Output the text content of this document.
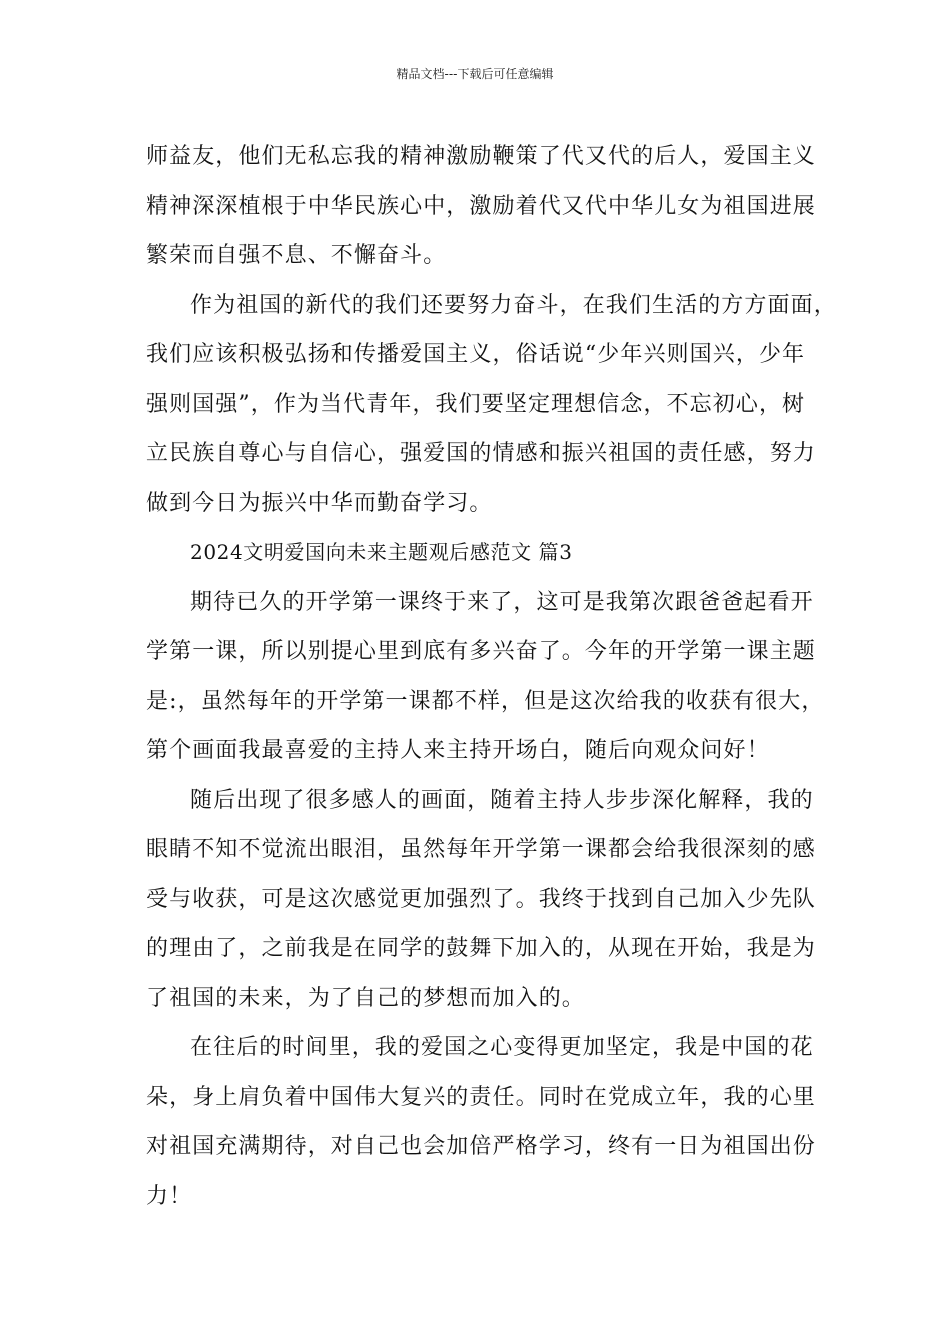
精品文档---下载后可任意编辑
师益友，他们无私忘我的精神激励鞭策了代又代的后人，爱国主义
精神深深植根于中华民族心中，激励着代又代中华儿女为祖国进展
繁荣而自强不息、不懈奋斗。
作为祖国的新代的我们还要努力奋斗，在我们生活的方方面面，
我们应该积极弘扬和传播爱国主义，俗话说“少年兴则国兴，少年
强则国强”，作为当代青年，我们要坚定理想信念，不忘初心，树
立民族自尊心与自信心，强爱国的情感和振兴祖国的责任感，努力
做到今日为振兴中华而勤奋学习。
2024文明爱国向未来主题观后感范文 篇3
期待已久的开学第一课终于来了，这可是我第次跟爸爸起看开
学第一课，所以别提心里到底有多兴奋了。今年的开学第一课主题
是:，虽然每年的开学第一课都不样，但是这次给我的收获有很大，
第个画面我最喜爱的主持人来主持开场白，随后向观众问好！
随后出现了很多感人的画面，随着主持人步步深化解释，我的
眼睛不知不觉流出眼泪，虽然每年开学第一课都会给我很深刻的感
受与收获，可是这次感觉更加强烈了。我终于找到自己加入少先队
的理由了，之前我是在同学的鼓舞下加入的，从现在开始，我是为
了祖国的未来，为了自己的梦想而加入的。
在往后的时间里，我的爱国之心变得更加坚定，我是中国的花
朵，身上肩负着中国伟大复兴的责任。同时在党成立年，我的心里
对祖国充满期待，对自己也会加倍严格学习，终有一日为祖国出份
力！
